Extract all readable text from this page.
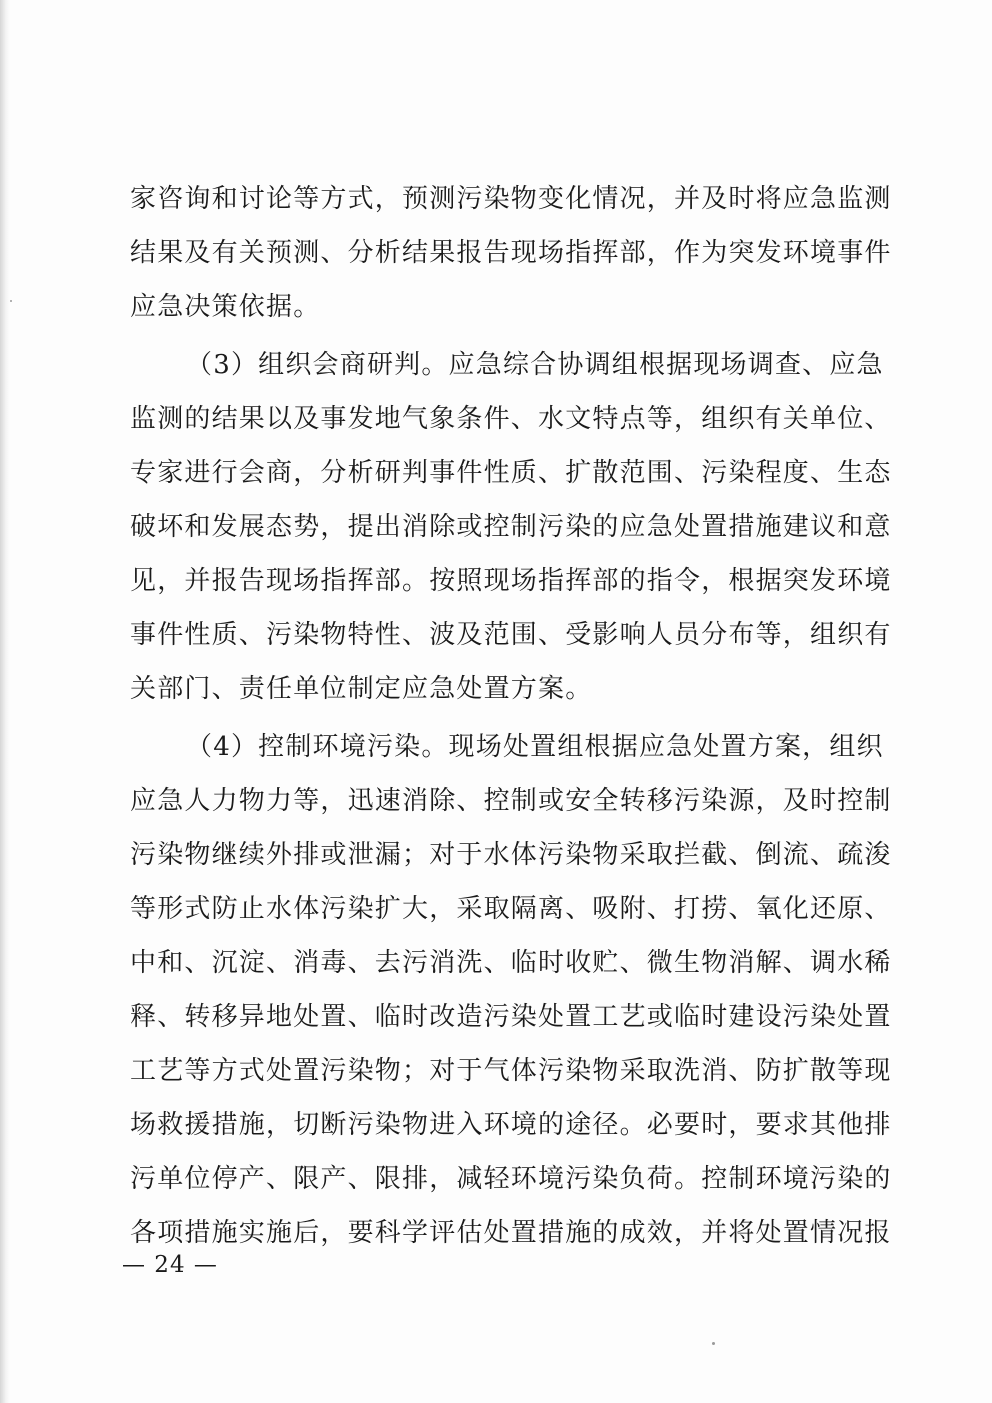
家咨询和讨论等方式，预测污染物变化情况，并及时将应急监测
结果及有关预测、分析结果报告现场指挥部，作为突发环境事件
应急决策依据。
（3）组织会商研判。应急综合协调组根据现场调查、应急
监测的结果以及事发地气象条件、水文特点等，组织有关单位、
专家进行会商，分析研判事件性质、扩散范围、污染程度、生态
破坏和发展态势，提出消除或控制污染的应急处置措施建议和意
见，并报告现场指挥部。按照现场指挥部的指令，根据突发环境
事件性质、污染物特性、波及范围、受影响人员分布等，组织有
关部门、责任单位制定应急处置方案。
（4）控制环境污染。现场处置组根据应急处置方案，组织
应急人力物力等，迅速消除、控制或安全转移污染源，及时控制
污染物继续外排或泄漏；对于水体污染物采取拦截、倒流、疏浚
等形式防止水体污染扩大，采取隔离、吸附、打捞、氧化还原、
中和、沉淀、消毒、去污消洗、临时收贮、微生物消解、调水稀
释、转移异地处置、临时改造污染处置工艺或临时建设污染处置
工艺等方式处置污染物；对于气体污染物采取洗消、防扩散等现
场救援措施，切断污染物进入环境的途径。必要时，要求其他排
污单位停产、限产、限排，减轻环境污染负荷。控制环境污染的
各项措施实施后，要科学评估处置措施的成效，并将处置情况报
— 24 —
